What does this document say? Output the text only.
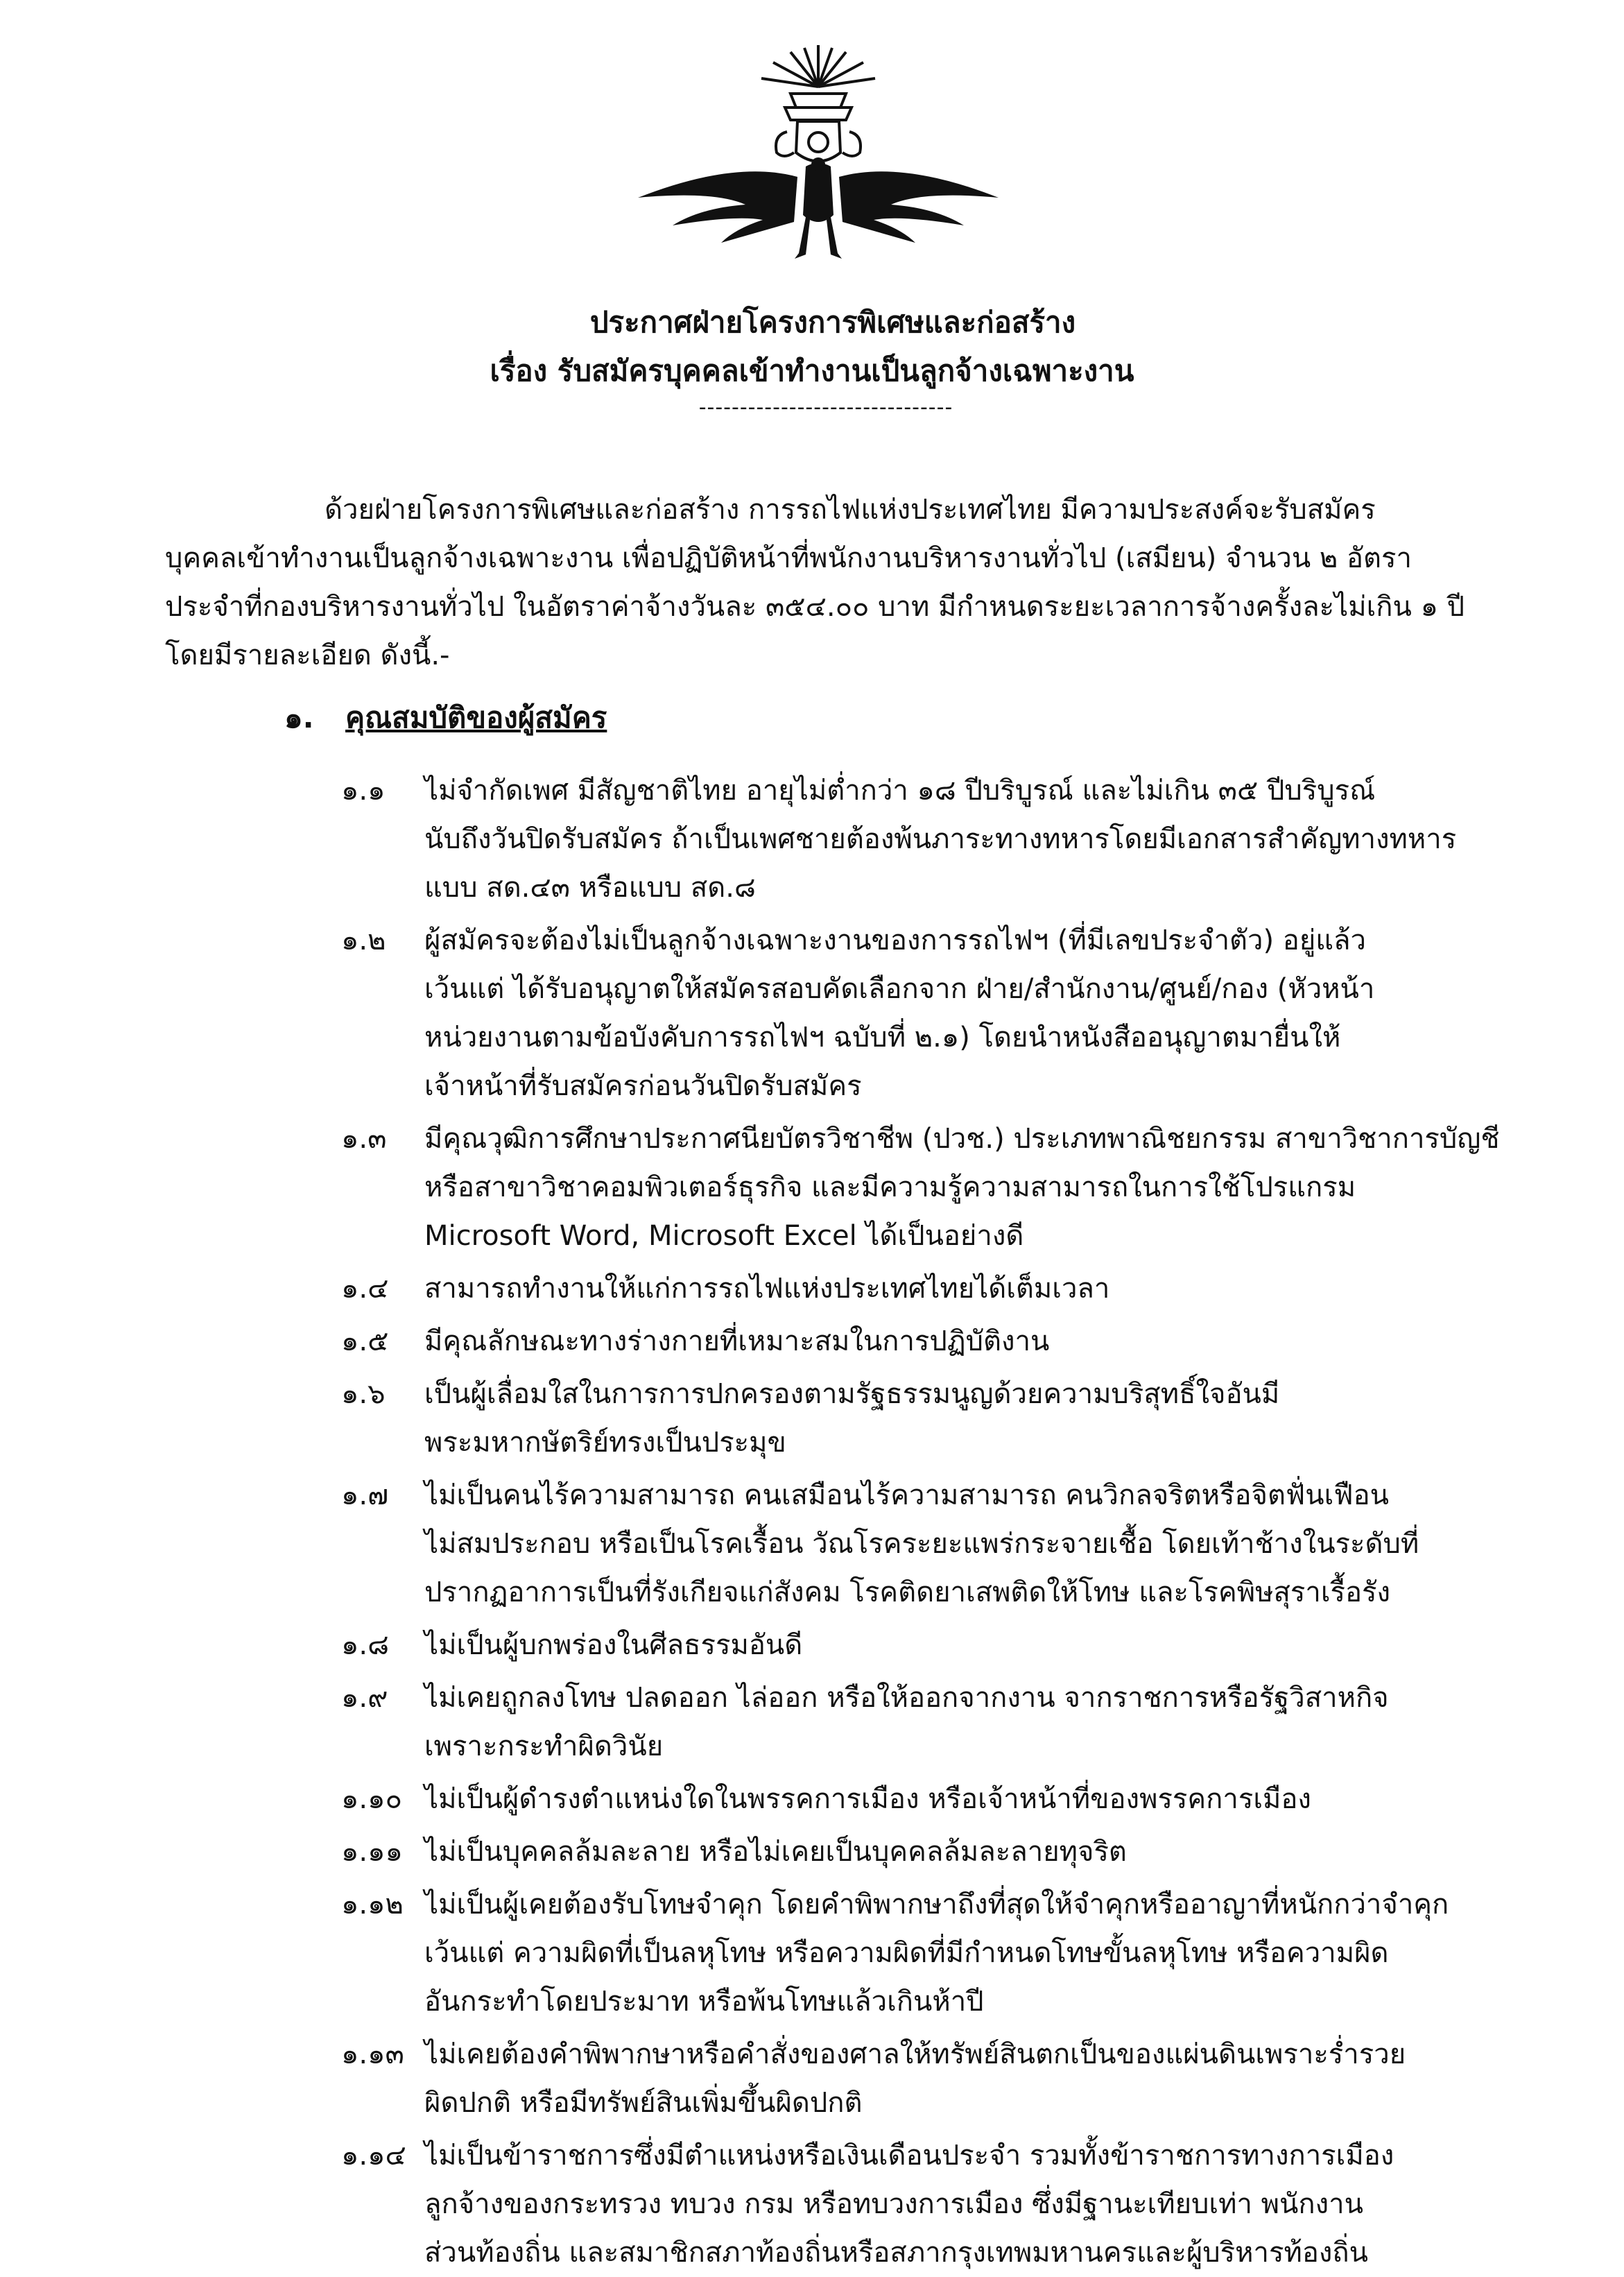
ประกาศฝ่ายโครงการพิเศษและก่อสร้าง
เรื่อง รับสมัครบุคคลเข้าทำงานเป็นลูกจ้างเฉพาะงาน
-------------------------------
ด้วยฝ่ายโครงการพิเศษและก่อสร้าง การรถไฟแห่งประเทศไทย มีความประสงค์จะรับสมัคร
บุคคลเข้าทำงานเป็นลูกจ้างเฉพาะงาน เพื่อปฏิบัติหน้าที่พนักงานบริหารงานทั่วไป (เสมียน) จำนวน ๒ อัตรา
ประจำที่กองบริหารงานทั่วไป ในอัตราค่าจ้างวันละ ๓๕๔.๐๐ บาท มีกำหนดระยะเวลาการจ้างครั้งละไม่เกิน ๑ ปี
โดยมีรายละเอียด ดังนี้.-
๑. คุณสมบัติของผู้สมัคร
๑.๑ ไม่จำกัดเพศ มีสัญชาติไทย อายุไม่ต่ำกว่า ๑๘ ปีบริบูรณ์ และไม่เกิน ๓๕ ปีบริบูรณ์
นับถึงวันปิดรับสมัคร ถ้าเป็นเพศชายต้องพ้นภาระทางทหารโดยมีเอกสารสำคัญทางทหาร
แบบ สด.๔๓ หรือแบบ สด.๘
๑.๒ ผู้สมัครจะต้องไม่เป็นลูกจ้างเฉพาะงานของการรถไฟฯ (ที่มีเลขประจำตัว) อยู่แล้ว
เว้นแต่ ได้รับอนุญาตให้สมัครสอบคัดเลือกจาก ฝ่าย/สำนักงาน/ศูนย์/กอง (หัวหน้า
หน่วยงานตามข้อบังคับการรถไฟฯ ฉบับที่ ๒.๑) โดยนำหนังสืออนุญาตมายื่นให้
เจ้าหน้าที่รับสมัครก่อนวันปิดรับสมัคร
๑.๓ มีคุณวุฒิการศึกษาประกาศนียบัตรวิชาชีพ (ปวช.) ประเภทพาณิชยกรรม สาขาวิชาการบัญชี
หรือสาขาวิชาคอมพิวเตอร์ธุรกิจ และมีความรู้ความสามารถในการใช้โปรแกรม
Microsoft Word, Microsoft Excel ได้เป็นอย่างดี
๑.๔ สามารถทำงานให้แก่การรถไฟแห่งประเทศไทยได้เต็มเวลา
๑.๕ มีคุณลักษณะทางร่างกายที่เหมาะสมในการปฏิบัติงาน
๑.๖ เป็นผู้เลื่อมใสในการการปกครองตามรัฐธรรมนูญด้วยความบริสุทธิ์ใจอันมี
พระมหากษัตริย์ทรงเป็นประมุข
๑.๗ ไม่เป็นคนไร้ความสามารถ คนเสมือนไร้ความสามารถ คนวิกลจริตหรือจิตฟั่นเฟือน
ไม่สมประกอบ หรือเป็นโรคเรื้อน วัณโรคระยะแพร่กระจายเชื้อ โดยเท้าช้างในระดับที่
ปรากฏอาการเป็นที่รังเกียจแก่สังคม โรคติดยาเสพติดให้โทษ และโรคพิษสุราเรื้อรัง
๑.๘ ไม่เป็นผู้บกพร่องในศีลธรรมอันดี
๑.๙ ไม่เคยถูกลงโทษ ปลดออก ไล่ออก หรือให้ออกจากงาน จากราชการหรือรัฐวิสาหกิจ
เพราะกระทำผิดวินัย
๑.๑๐ ไม่เป็นผู้ดำรงตำแหน่งใดในพรรคการเมือง หรือเจ้าหน้าที่ของพรรคการเมือง
๑.๑๑ ไม่เป็นบุคคลล้มละลาย หรือไม่เคยเป็นบุคคลล้มละลายทุจริต
๑.๑๒ ไม่เป็นผู้เคยต้องรับโทษจำคุก โดยคำพิพากษาถึงที่สุดให้จำคุกหรืออาญาที่หนักกว่าจำคุก
เว้นแต่ ความผิดที่เป็นลหุโทษ หรือความผิดที่มีกำหนดโทษขั้นลหุโทษ หรือความผิด
อันกระทำโดยประมาท หรือพ้นโทษแล้วเกินห้าปี
๑.๑๓ ไม่เคยต้องคำพิพากษาหรือคำสั่งของศาลให้ทรัพย์สินตกเป็นของแผ่นดินเพราะร่ำรวย
ผิดปกติ หรือมีทรัพย์สินเพิ่มขึ้นผิดปกติ
๑.๑๔ ไม่เป็นข้าราชการซึ่งมีตำแหน่งหรือเงินเดือนประจำ รวมทั้งข้าราชการทางการเมือง
ลูกจ้างของกระทรวง ทบวง กรม หรือทบวงการเมือง ซึ่งมีฐานะเทียบเท่า พนักงาน
ส่วนท้องถิ่น และสมาชิกสภาท้องถิ่นหรือสภากรุงเทพมหานครและผู้บริหารท้องถิ่น
